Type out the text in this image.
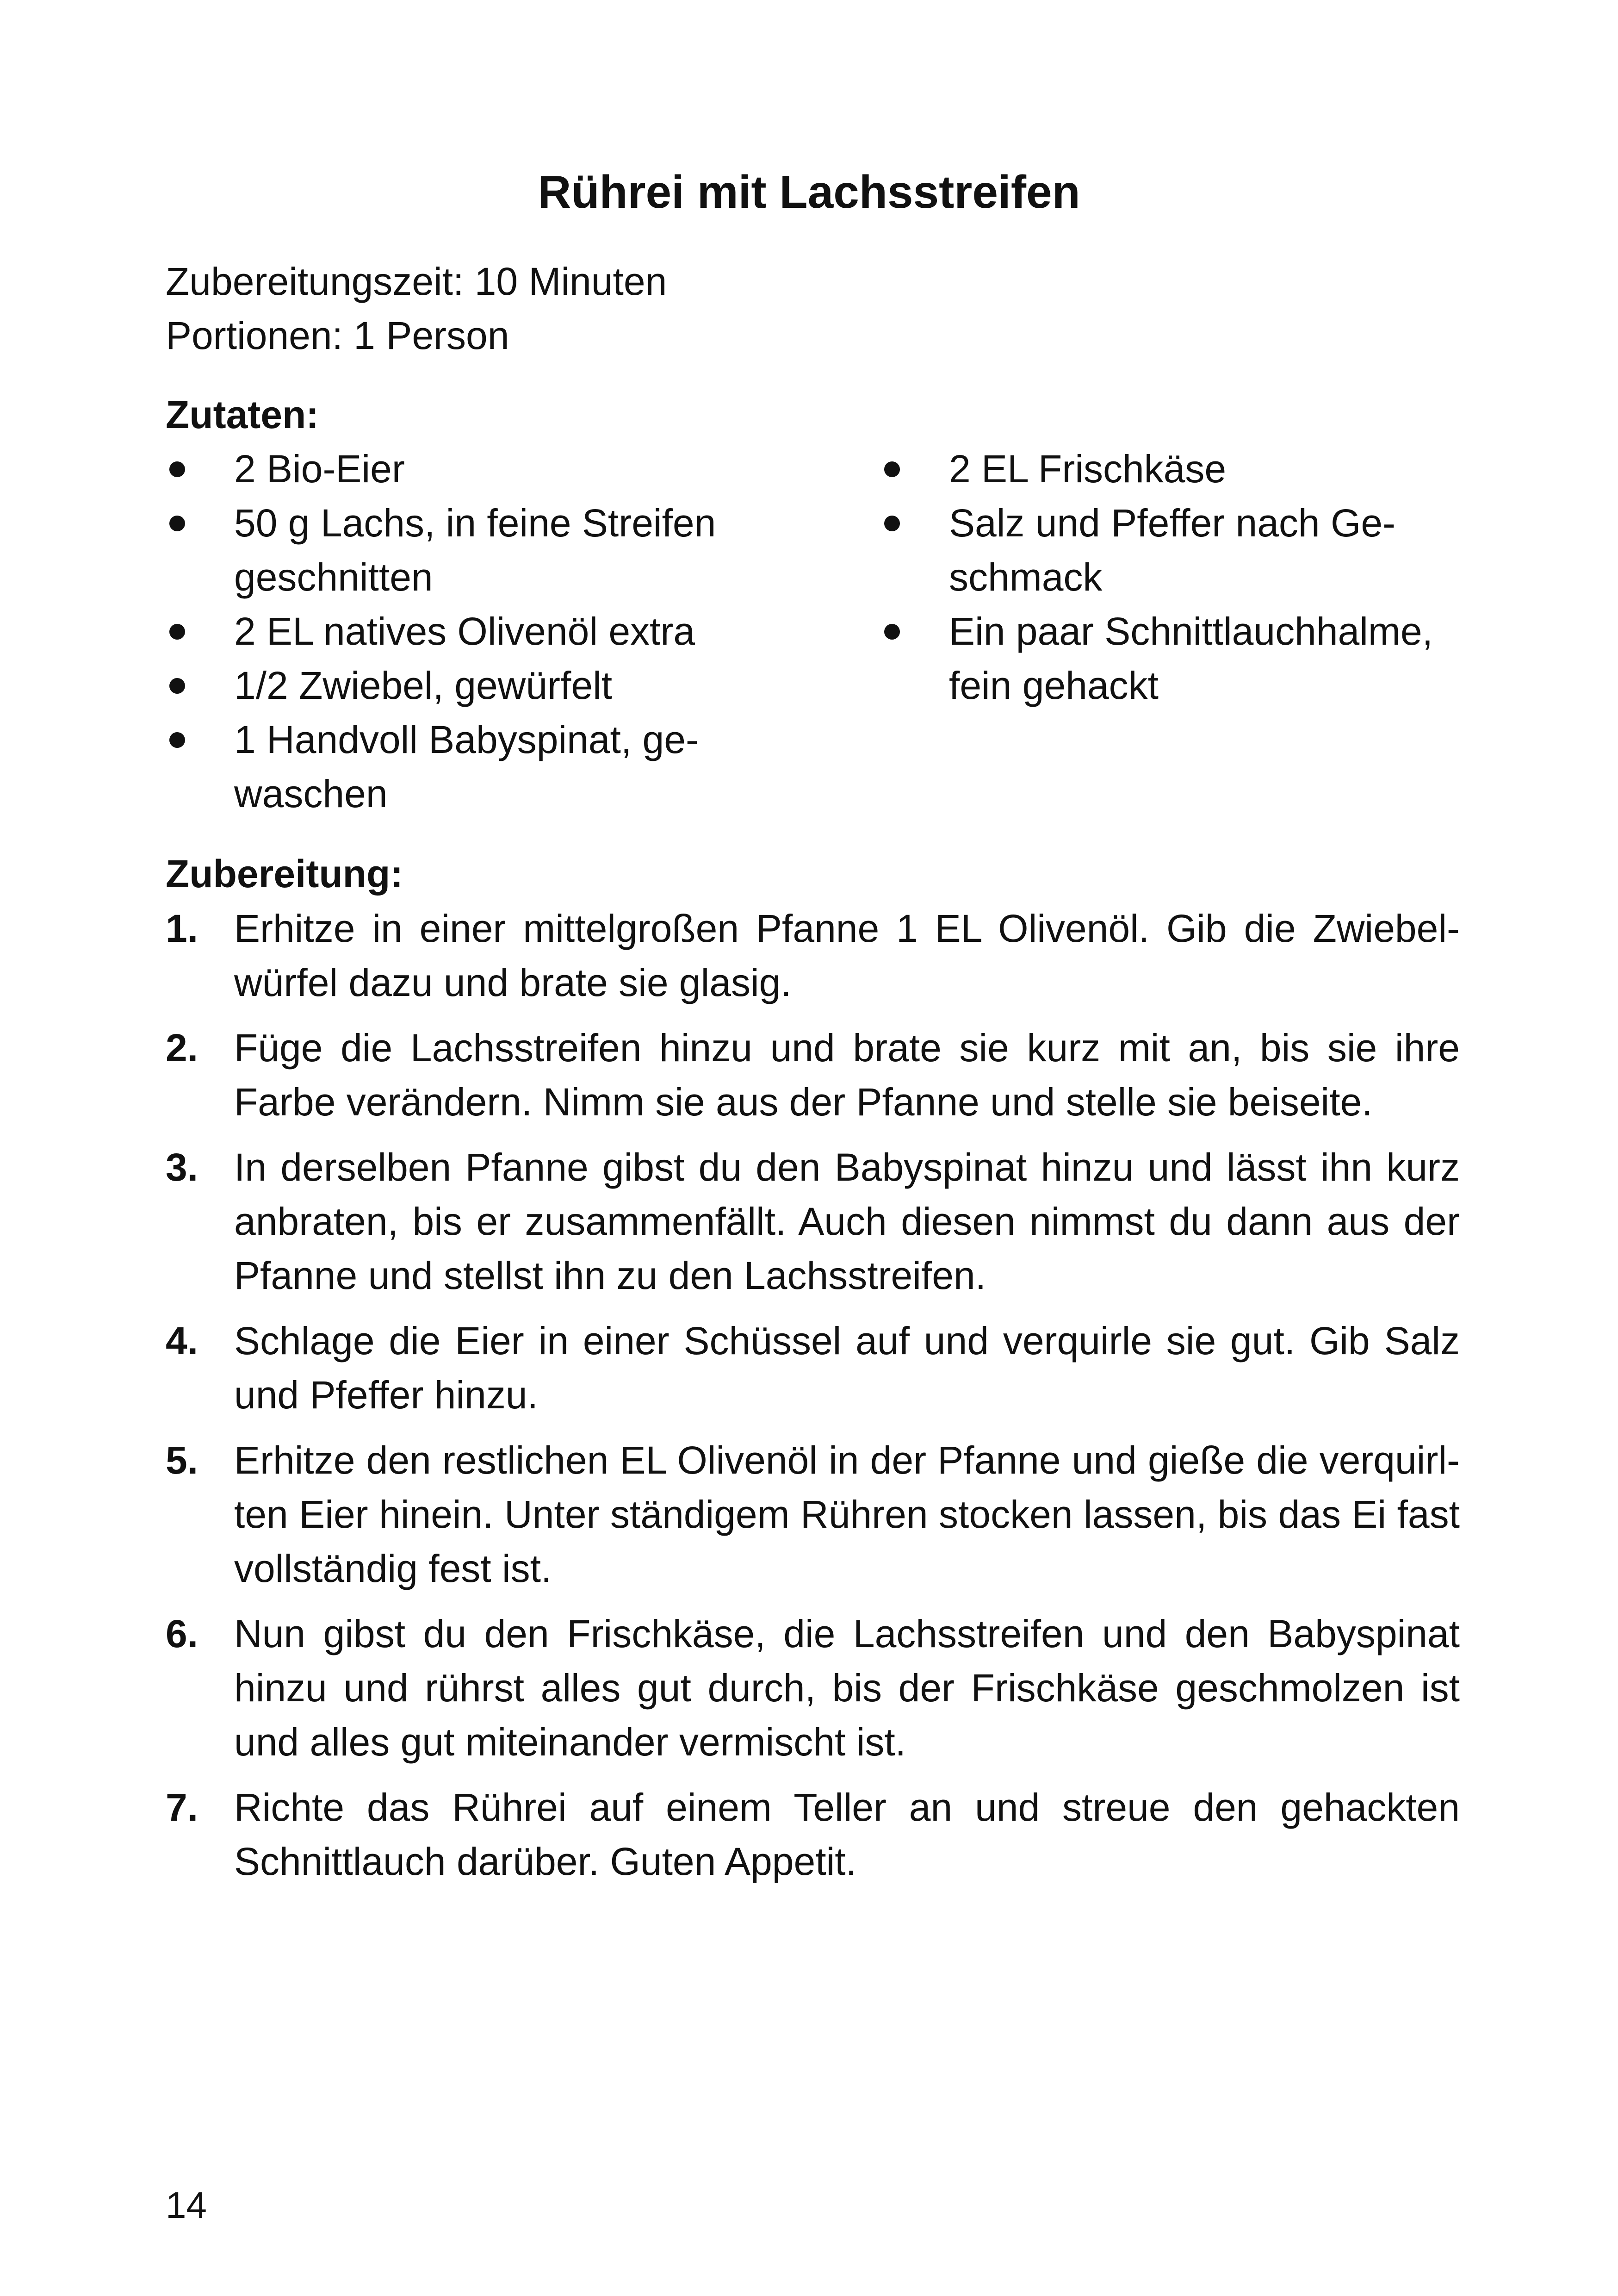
Rührei mit Lachsstreifen
Zubereitungszeit: 10 Minuten
Portionen: 1 Person
Zutaten:
2 Bio-Eier
50 g Lachs, in feine Streifen geschnitten
2 EL natives Olivenöl extra
1/2 Zwiebel, gewürfelt
1 Handvoll Babyspinat, gewaschen
2 EL Frischkäse
Salz und Pfeffer nach Geschmack
Ein paar Schnittlauchhalme, fein gehackt
Zubereitung:
1. Erhitze in einer mittelgroßen Pfanne 1 EL Olivenöl. Gib die Zwiebelwürfel dazu und brate sie glasig.
2. Füge die Lachsstreifen hinzu und brate sie kurz mit an, bis sie ihre Farbe verändern. Nimm sie aus der Pfanne und stelle sie beiseite.
3. In derselben Pfanne gibst du den Babyspinat hinzu und lässt ihn kurz anbraten, bis er zusammenfällt. Auch diesen nimmst du dann aus der Pfanne und stellst ihn zu den Lachsstreifen.
4. Schlage die Eier in einer Schüssel auf und verquirle sie gut. Gib Salz und Pfeffer hinzu.
5. Erhitze den restlichen EL Olivenöl in der Pfanne und gieße die verquirlten Eier hinein. Unter ständigem Rühren stocken lassen, bis das Ei fast vollständig fest ist.
6. Nun gibst du den Frischkäse, die Lachsstreifen und den Babyspinat hinzu und rührst alles gut durch, bis der Frischkäse geschmolzen ist und alles gut miteinander vermischt ist.
7. Richte das Rührei auf einem Teller an und streue den gehackten Schnittlauch darüber. Guten Appetit.
14
